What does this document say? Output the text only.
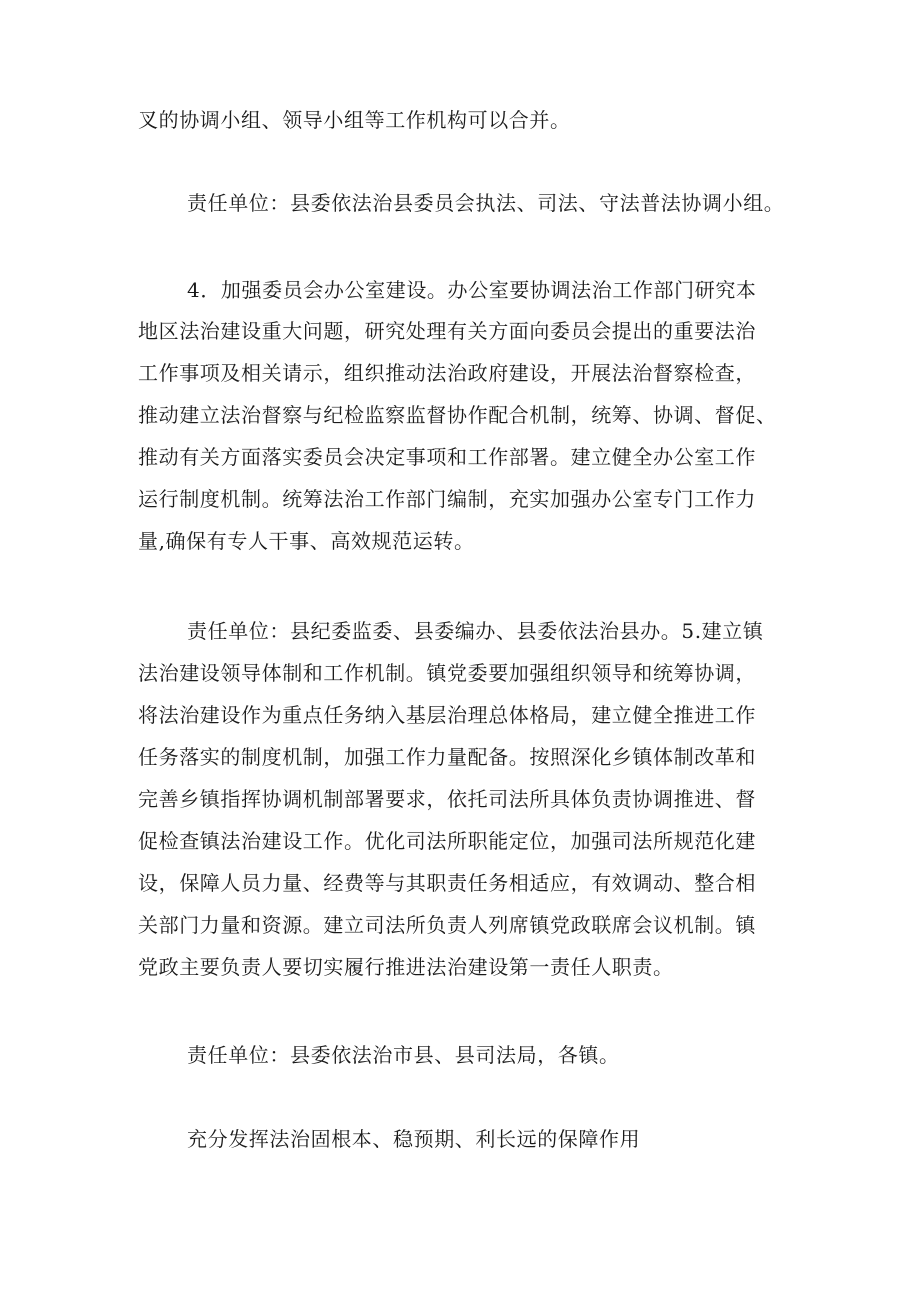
叉的协调小组、领导小组等工作机构可以合并。

责任单位：县委依法治县委员会执法、司法、守法普法协调小组。

4．加强委员会办公室建设。办公室要协调法治工作部门研究本

地区法治建设重大问题，研究处理有关方面向委员会提出的重要法治

工作事项及相关请示，组织推动法治政府建设，开展法治督察检查，

推动建立法治督察与纪检监察监督协作配合机制，统筹、协调、督促、

推动有关方面落实委员会决定事项和工作部署。建立健全办公室工作

运行制度机制。统筹法治工作部门编制，充实加强办公室专门工作力

量,确保有专人干事、高效规范运转。

责任单位：县纪委监委、县委编办、县委依法治县办。5.建立镇

法治建设领导体制和工作机制。镇党委要加强组织领导和统筹协调，

将法治建设作为重点任务纳入基层治理总体格局，建立健全推进工作

任务落实的制度机制，加强工作力量配备。按照深化乡镇体制改革和

完善乡镇指挥协调机制部署要求，依托司法所具体负责协调推进、督

促检查镇法治建设工作。优化司法所职能定位，加强司法所规范化建

设，保障人员力量、经费等与其职责任务相适应，有效调动、整合相

关部门力量和资源。建立司法所负责人列席镇党政联席会议机制。镇

党政主要负责人要切实履行推进法治建设第一责任人职责。

责任单位：县委依法治市县、县司法局，各镇。

充分发挥法治固根本、稳预期、利长远的保障作用
